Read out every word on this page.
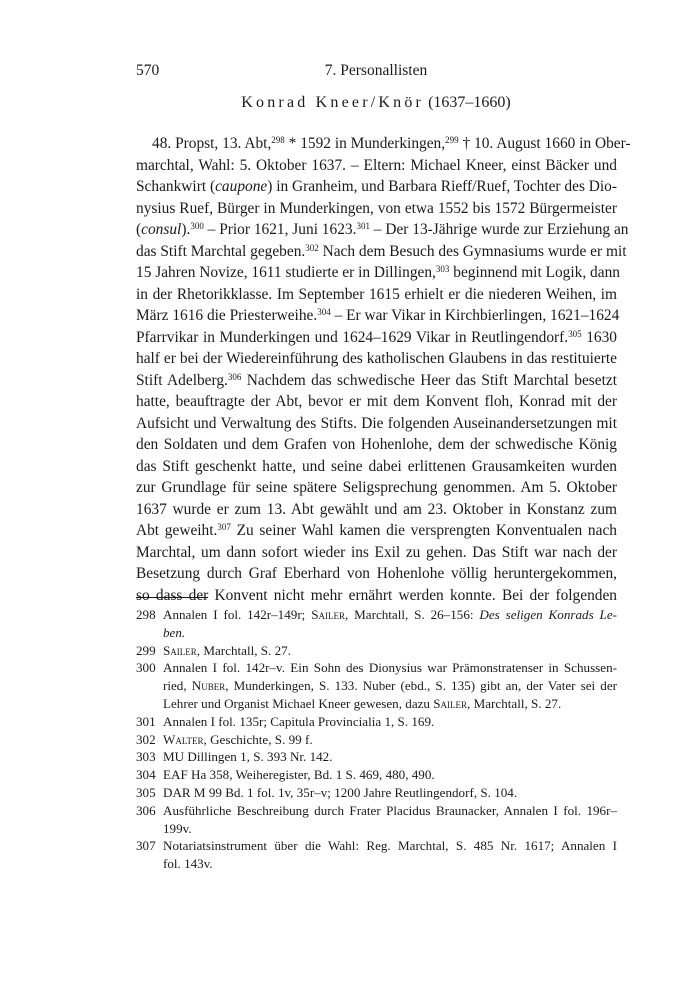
570	7. Personallisten
Konrad Kneer/Knör (1637–1660)
48. Propst, 13. Abt,$^{298}$ * 1592 in Munderkingen,$^{299}$ † 10. August 1660 in Ober-
marchtal, Wahl: 5. Oktober 1637. – Eltern: Michael Kneer, einst Bäcker und
Schankwirt (caupone) in Granheim, und Barbara Rieff/Ruef, Tochter des Dio-
nysius Ruef, Bürger in Munderkingen, von etwa 1552 bis 1572 Bürgermeister
(consul).$^{300}$ – Prior 1621, Juni 1623.$^{301}$ – Der 13-Jährige wurde zur Erziehung an
das Stift Marchtal gegeben.$^{302}$ Nach dem Besuch des Gymnasiums wurde er mit
15 Jahren Novize, 1611 studierte er in Dillingen,$^{303}$ beginnend mit Logik, dann
in der Rhetorikklasse. Im September 1615 erhielt er die niederen Weihen, im
März 1616 die Priesterweihe.$^{304}$ – Er war Vikar in Kirchbierlingen, 1621–1624
Pfarrvikar in Munderkingen und 1624–1629 Vikar in Reutlingendorf.$^{305}$ 1630
half er bei der Wiedereinführung des katholischen Glaubens in das restituierte
Stift Adelberg.$^{306}$ Nachdem das schwedische Heer das Stift Marchtal besetzt
hatte, beauftragte der Abt, bevor er mit dem Konvent floh, Konrad mit der
Aufsicht und Verwaltung des Stifts. Die folgenden Auseinandersetzungen mit
den Soldaten und dem Grafen von Hohenlohe, dem der schwedische König
das Stift geschenkt hatte, und seine dabei erlittenen Grausamkeiten wurden
zur Grundlage für seine spätere Seligsprechung genommen. Am 5. Oktober
1637 wurde er zum 13. Abt gewählt und am 23. Oktober in Konstanz zum
Abt geweiht.$^{307}$ Zu seiner Wahl kamen die versprengten Konventualen nach
Marchtal, um dann sofort wieder ins Exil zu gehen. Das Stift war nach der
Besetzung durch Graf Eberhard von Hohenlohe völlig heruntergekommen,
so dass der Konvent nicht mehr ernährt werden konnte. Bei der folgenden
298 Annalen I fol. 142r–149r; Sailer, Marchtall, S. 26–156: Des seligen Konrads Le-
ben.
299 Sailer, Marchtall, S. 27.
300 Annalen I fol. 142r–v. Ein Sohn des Dionysius war Prämonstratenser in Schussen-
ried, Nuber, Munderkingen, S. 133. Nuber (ebd., S. 135) gibt an, der Vater sei der
Lehrer und Organist Michael Kneer gewesen, dazu Sailer, Marchtall, S. 27.
301 Annalen I fol. 135r; Capitula Provincialia 1, S. 169.
302 Walter, Geschichte, S. 99 f.
303 MU Dillingen 1, S. 393 Nr. 142.
304 EAF Ha 358, Weiheregister, Bd. 1 S. 469, 480, 490.
305 DAR M 99 Bd. 1 fol. 1v, 35r–v; 1200 Jahre Reutlingendorf, S. 104.
306 Ausführliche Beschreibung durch Frater Placidus Braunacker, Annalen I fol. 196r–
199v.
307 Notariatsinstrument über die Wahl: Reg. Marchtal, S. 485 Nr. 1617; Annalen I
fol. 143v.
